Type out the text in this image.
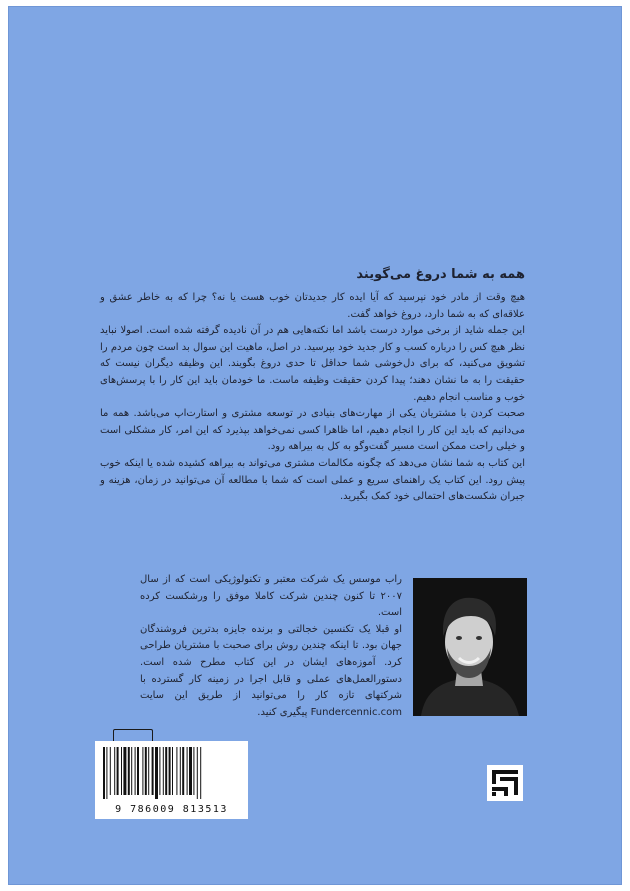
همه به شما دروغ می‌گویند

هیچ وقت از مادر خود نپرسید که آیا ایده کار جدیدتان خوب هست یا نه؟ چرا که به خاطر عشق و علاقه‌ای که به شما دارد، دروغ خواهد گفت.

این جمله شاید از برخی موارد درست باشد اما نکته‌هایی هم در آن نادیده گرفته شده است. اصولا نباید نظر هیچ کس را درباره کسب و کار جدید خود بپرسید. در اصل، ماهیت این سوال بد است چون مردم را تشویق می‌کنید، که برای دل‌خوشی شما حداقل تا حدی دروغ بگویند. این وظیفه دیگران نیست که حقیقت را به ما نشان دهند؛ پیدا کردن حقیقت وظیفه ماست. ما خودمان باید این کار را با پرسش‌های خوب و مناسب انجام دهیم.

صحبت کردن با مشتریان یکی از مهارت‌های بنیادی در توسعه مشتری و استارت‌اپ می‌باشد. همه ما می‌دانیم که باید این کار را انجام دهیم، اما ظاهرا کسی نمی‌خواهد بپذیرد که این امر، کار مشکلی است و خیلی راحت ممکن است مسیر گفت‌وگو به کل به بیراهه رود.

این کتاب به شما نشان می‌دهد که چگونه مکالمات مشتری می‌تواند به بیراهه کشیده شده یا اینکه خوب پیش رود. این کتاب یک راهنمای سریع و عملی است که شما با مطالعه آن می‌توانید در زمان، هزینه و جبران شکست‌های احتمالی خود کمک بگیرید.

راب موسس یک شرکت معتبر و تکنولوژیکی است که از سال ۲۰۰۷ تا کنون چندین شرکت کاملا موفق را ورشکست کرده است.

او قبلا یک تکنسین خجالتی و برنده جایزه بدترین فروشندگان جهان بود. تا اینکه چندین روش برای صحبت با مشتریان طراحی کرد. آموزه‌های ایشان در این کتاب مطرح شده است. دستورالعمل‌های عملی و قابل اجرا در زمینه کار گسترده با شرکتهای تازه کار را می‌توانید از طریق این سایت Fundercennic.com پیگیری کنید.

9 786009 813513
